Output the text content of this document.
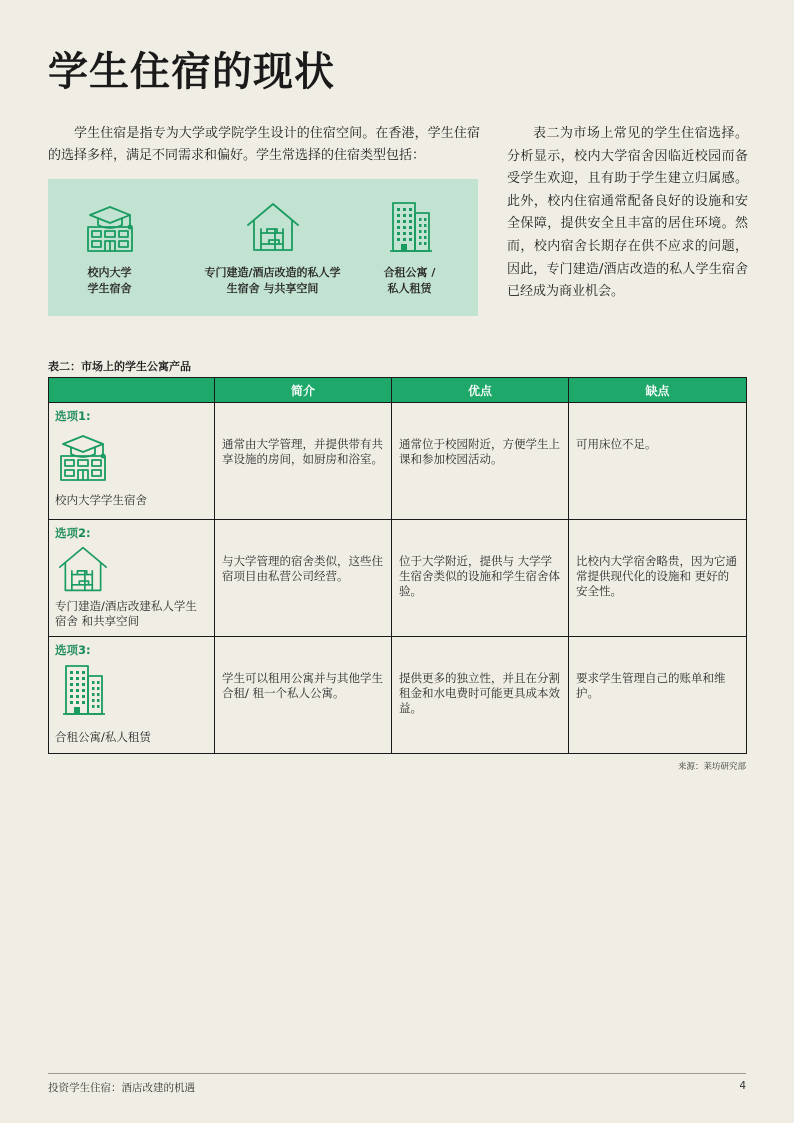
学生住宿的现状

学生住宿是指专为大学或学院学生设计的住宿空间。在香港，学生住宿的选择多样，满足不同需求和偏好。学生常选择的住宿类型包括：

校内大学
学生宿舍
专门建造/酒店改造的私人学
生宿舍 与共享空间
合租公寓 /
私人租赁

表二为市场上常见的学生住宿选择。分析显示，校内大学宿舍因临近校园而备受学生欢迎，且有助于学生建立归属感。此外，校内住宿通常配备良好的设施和安全保障，提供安全且丰富的居住环境。然而，校内宿舍长期存在供不应求的问题，因此，专门建造/酒店改造的私人学生宿舍已经成为商业机会。

表二：市场上的学生公寓产品
	简介	优点	缺点

选项1:
校内大学学生宿舍	通常由大学管理，并提供带有共享设施的房间，如厨房和浴室。	通常位于校园附近，方便学生上课和参加校园活动。	可用床位不足。

选项2:
专门建造/酒店改建私人学生宿舍 和共享空间	与大学管理的宿舍类似，这些住宿项目由私营公司经营。	位于大学附近，提供与 大学学生宿舍类似的设施和学生宿舍体验。	比校内大学宿舍略贵，因为它通常提供现代化的设施和 更好的安全性。

选项3:
合租公寓/私人租赁	学生可以租用公寓并与其他学生合租/ 租一个私人公寓。	提供更多的独立性，并且在分割租金和水电费时可能更具成本效益。	要求学生管理自己的账单和维护。
来源：莱坊研究部
投资学生住宿：酒店改建的机遇	4
